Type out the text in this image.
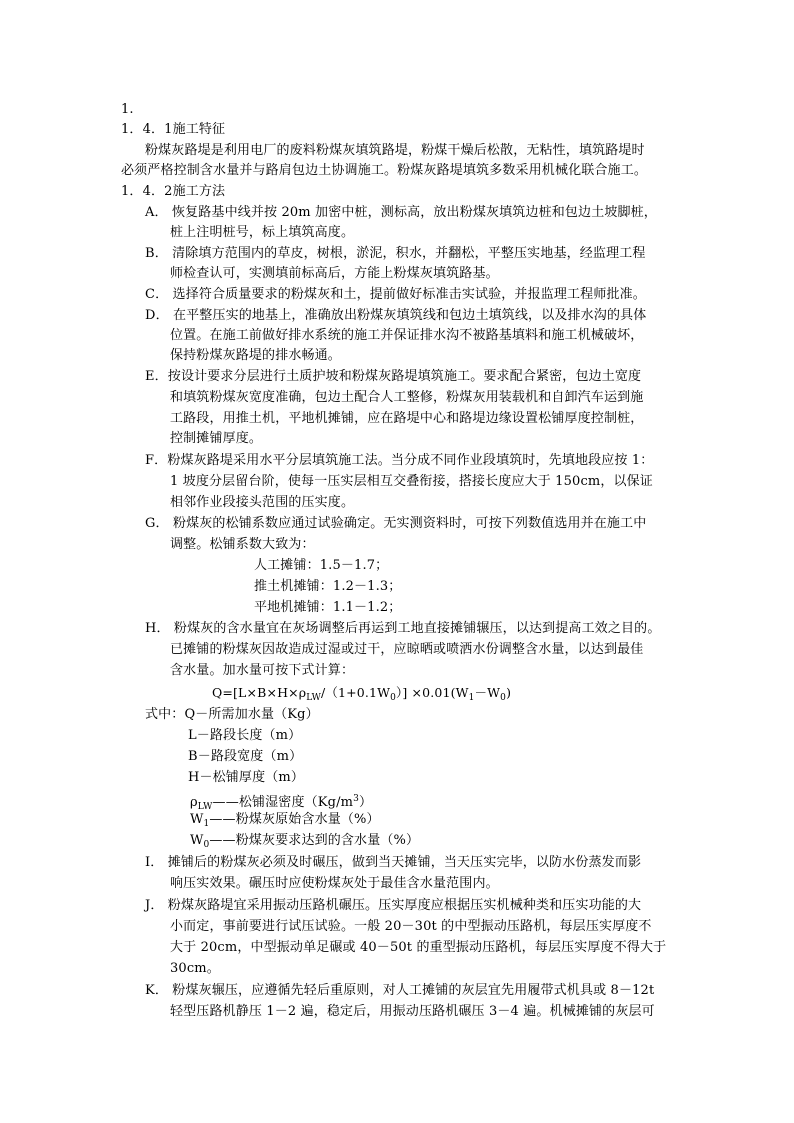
1.
1．4．1施工特征
粉煤灰路堤是利用电厂的废料粉煤灰填筑路堤，粉煤干燥后松散，无粘性，填筑路堤时
必须严格控制含水量并与路肩包边土协调施工。粉煤灰路堤填筑多数采用机械化联合施工。
1．4．2施工方法
A． 恢复路基中线并按 20m 加密中桩，测标高，放出粉煤灰填筑边桩和包边土坡脚桩，
桩上注明桩号，标上填筑高度。
B． 清除填方范围内的草皮，树根，淤泥，积水，并翻松，平整压实地基，经监理工程
师检查认可，实测填前标高后，方能上粉煤灰填筑路基。
C． 选择符合质量要求的粉煤灰和土，提前做好标准击实试验，并报监理工程师批准。
D． 在平整压实的地基上，准确放出粉煤灰填筑线和包边土填筑线，以及排水沟的具体
位置。在施工前做好排水系统的施工并保证排水沟不被路基填料和施工机械破坏，
保持粉煤灰路堤的排水畅通。
E．按设计要求分层进行土质护坡和粉煤灰路堤填筑施工。要求配合紧密，包边土宽度
和填筑粉煤灰宽度准确，包边土配合人工整修，粉煤灰用装载机和自卸汽车运到施
工路段，用推土机，平地机摊铺，应在路堤中心和路堤边缘设置松铺厚度控制桩，
控制摊铺厚度。
F．粉煤灰路堤采用水平分层填筑施工法。当分成不同作业段填筑时，先填地段应按 1：
1 坡度分层留台阶，使每一压实层相互交叠衔接，搭接长度应大于 150cm，以保证
相邻作业段接头范围的压实度。
G． 粉煤灰的松铺系数应通过试验确定。无实测资料时，可按下列数值选用并在施工中
调整。松铺系数大致为：
人工摊铺：1.5－1.7；
推土机摊铺：1.2－1.3；
平地机摊铺：1.1－1.2；
H． 粉煤灰的含水量宜在灰场调整后再运到工地直接摊铺辗压，以达到提高工效之目的。
已摊铺的粉煤灰因故造成过湿或过干，应晾晒或喷洒水份调整含水量，以达到最佳
含水量。加水量可按下式计算：
$Q=[L\times B\times H\times\rho_{LW}/(1+0.1W_0)] \times 0.01(W_1-W_0)$
式中：Q－所需加水量（Kg）
L－路段长度（m）
B－路段宽度（m）
H－松铺厚度（m）
$\rho_{LW}——$松铺湿密度$(Kg/m^3)$
$W_1——$粉煤灰原始含水量（%）
$W_0——$粉煤灰要求达到的含水量（%）
I． 摊铺后的粉煤灰必须及时碾压，做到当天摊铺，当天压实完毕，以防水份蒸发而影
响压实效果。碾压时应使粉煤灰处于最佳含水量范围内。
J． 粉煤灰路堤宜采用振动压路机碾压。压实厚度应根据压实机械种类和压实功能的大
小而定，事前要进行试压试验。一般 20－30t 的中型振动压路机，每层压实厚度不
大于 20cm，中型振动单足碾或 40－50t 的重型振动压路机，每层压实厚度不得大于
30cm。
K． 粉煤灰辗压，应遵循先轻后重原则，对人工摊铺的灰层宜先用履带式机具或 8－12t
轻型压路机静压 1－2 遍，稳定后，用振动压路机碾压 3－4 遍。机械摊铺的灰层可
